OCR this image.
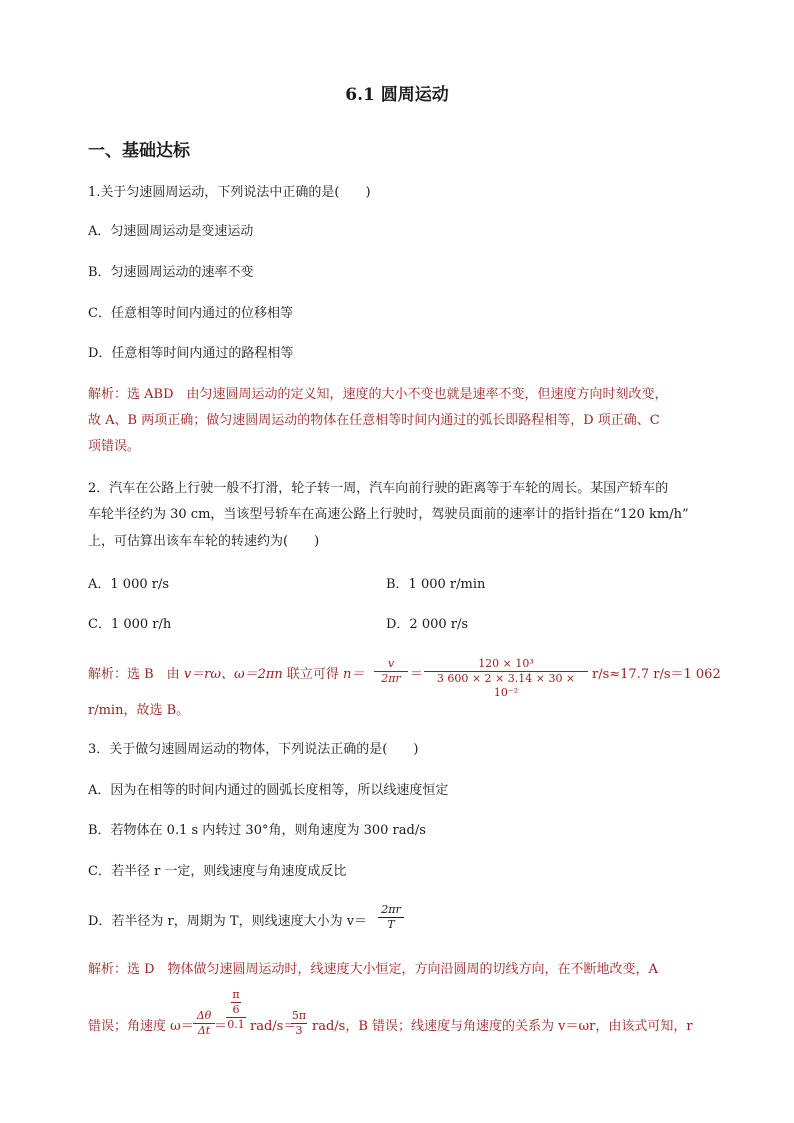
6.1 圆周运动
一、基础达标
1.关于匀速圆周运动，下列说法中正确的是(　　)
A．匀速圆周运动是变速运动
B．匀速圆周运动的速率不变
C．任意相等时间内通过的位移相等
D．任意相等时间内通过的路程相等
解析：选 ABD　由匀速圆周运动的定义知，速度的大小不变也就是速率不变，但速度方向时刻改变，
故 A、B 两项正确；做匀速圆周运动的物体在任意相等时间内通过的弧长即路程相等，D 项正确、C
项错误。
2．汽车在公路上行驶一般不打滑，轮子转一周，汽车向前行驶的距离等于车轮的周长。某国产轿车的
车轮半径约为 30 cm，当该型号轿车在高速公路上行驶时，驾驶员面前的速率计的指针指在“120 km/h”
上，可估算出该车车轮的转速约为(　　)
A．1 000 r/s	B．1 000 r/min
C．1 000 r/h	D．2 000 r/s
解析：选 B　由 v＝rω、ω＝2πn 联立可得 n＝
v
2πr ＝
120 × 10³
3 600 × 2 × 3.14 × 30 × 10⁻²
r/s≈17.7 r/s＝1 062
r/min，故选 B。
3．关于做匀速圆周运动的物体，下列说法正确的是(　　)
A．因为在相等的时间内通过的圆弧长度相等，所以线速度恒定
B．若物体在 0.1 s 内转过 30°角，则角速度为 300 rad/s
C．若半径 r 一定，则线速度与角速度成反比
D．若半径为 r，周期为 T，则线速度大小为 v＝
2πr
T
解析：选 D　物体做匀速圆周运动时，线速度大小恒定，方向沿圆周的切线方向，在不断地改变，A
错误；角速度 ω＝
Δθ
Δt ＝
π
6
0.1 rad/s＝
5π
3 rad/s，B 错误；线速度与角速度的关系为 v＝ωr，由该式可知，r
